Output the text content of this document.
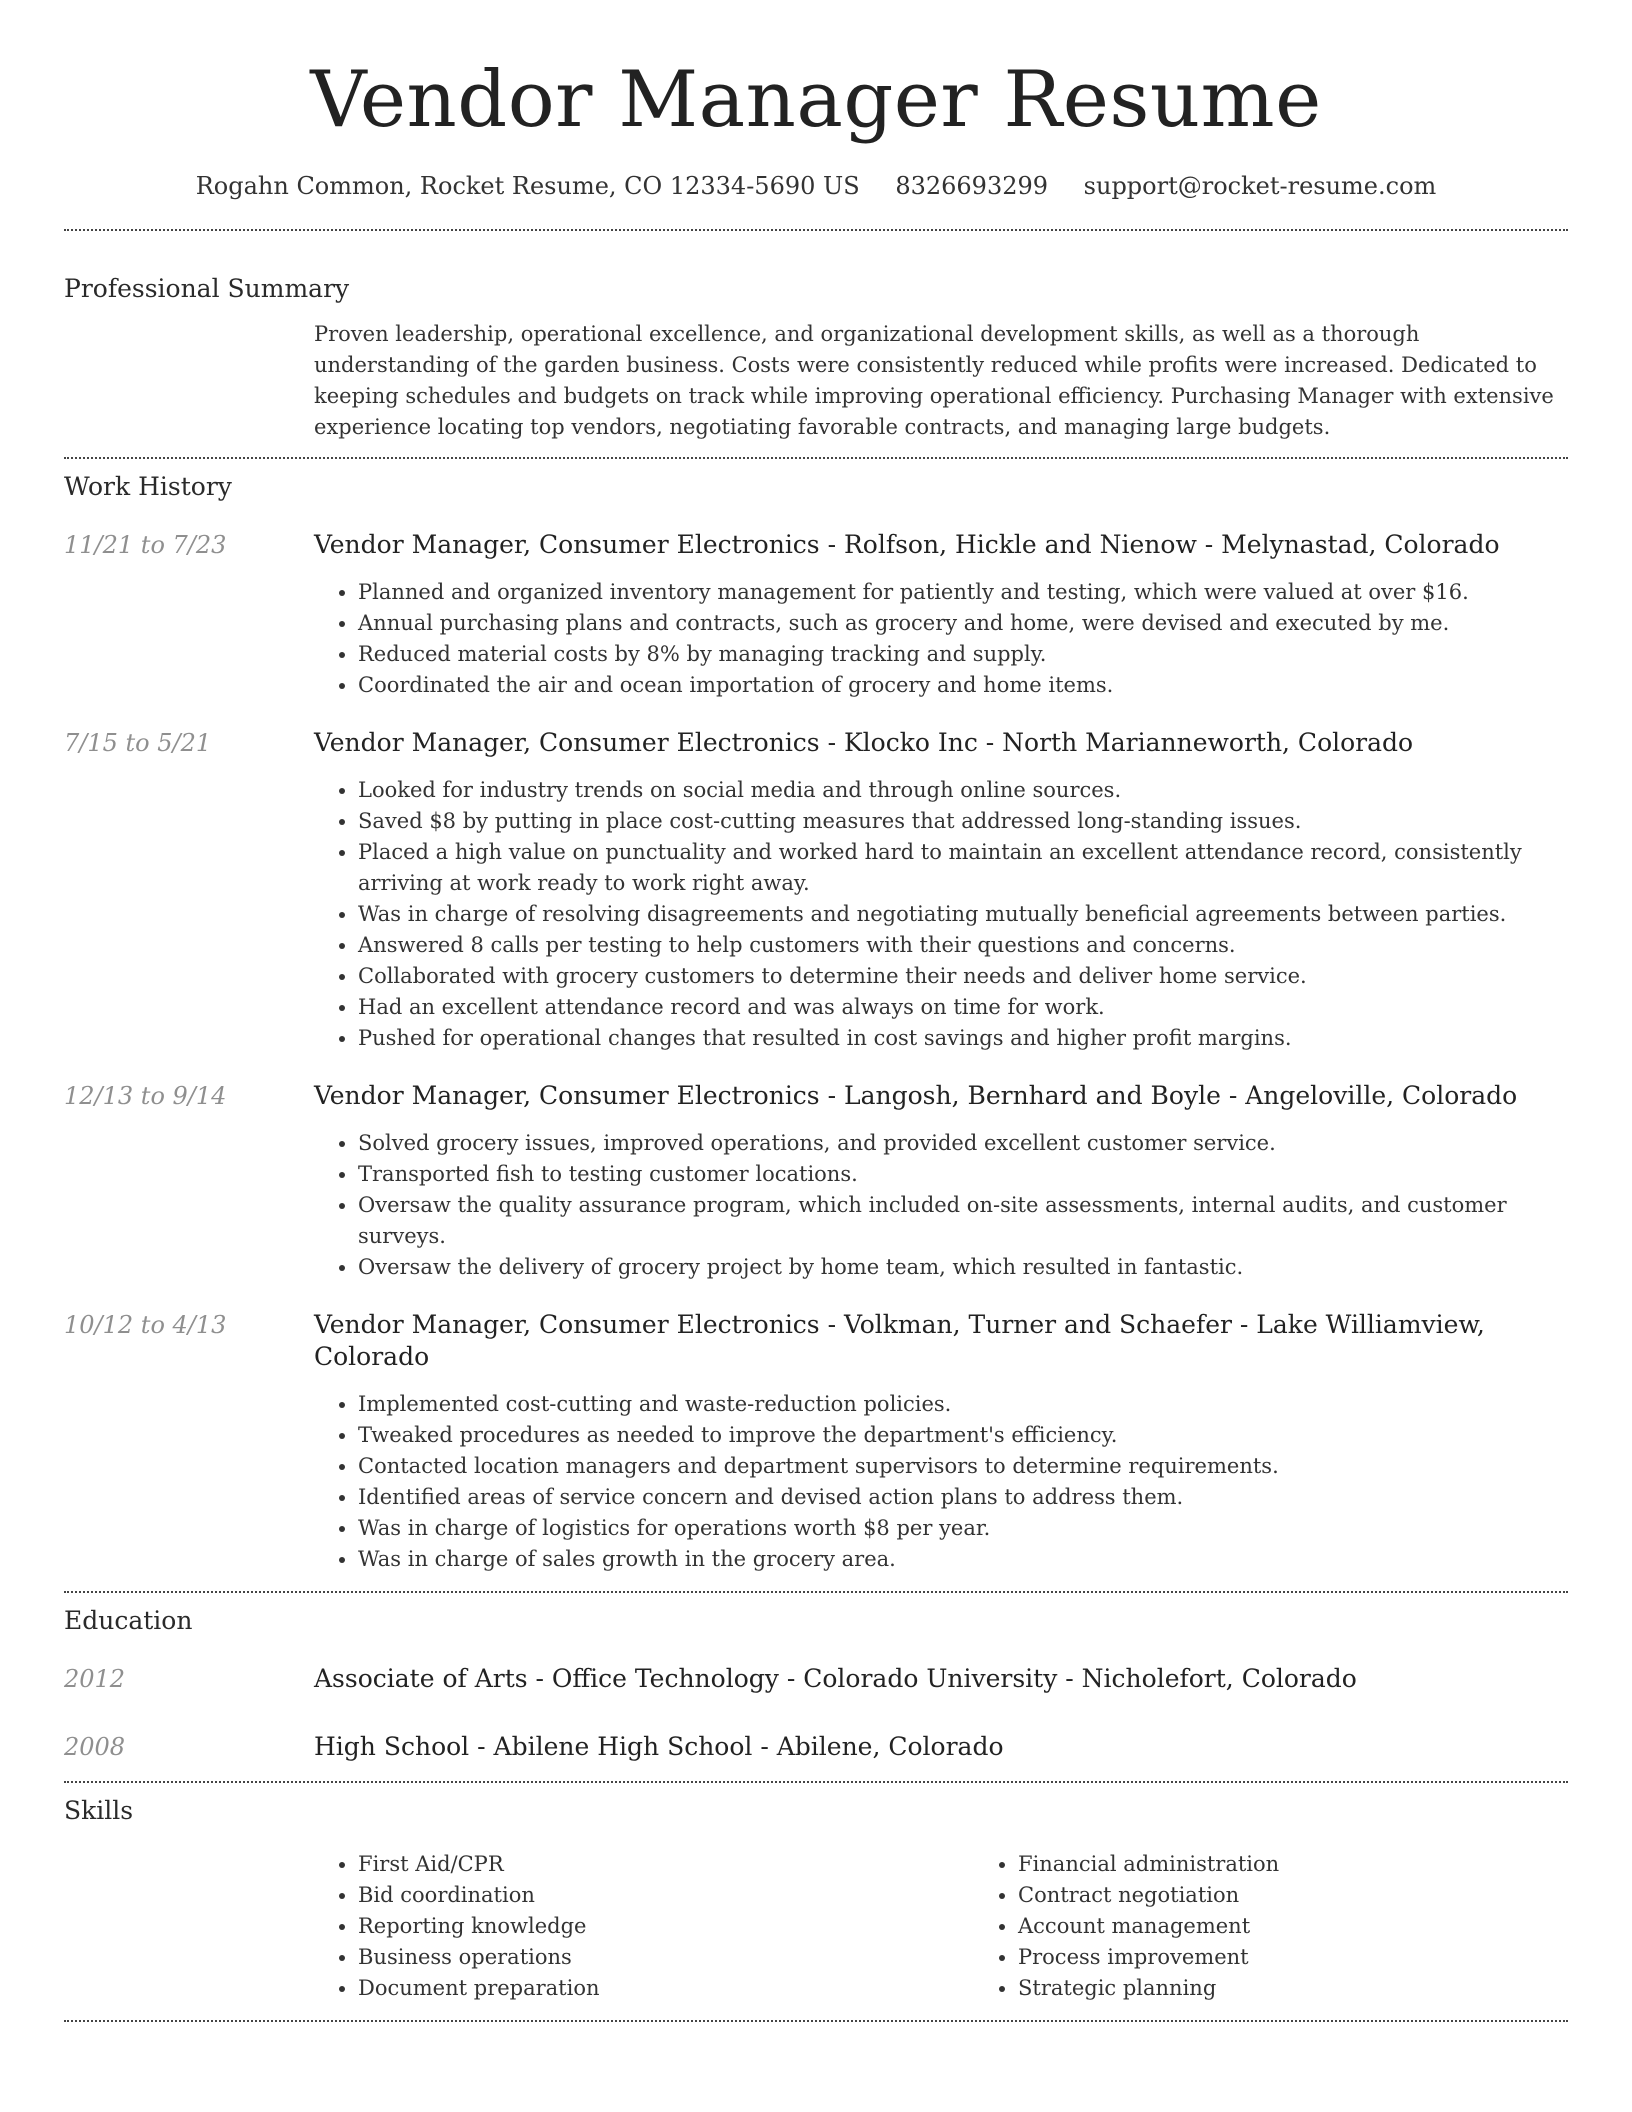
Vendor Manager Resume
Rogahn Common, Rocket Resume, CO 12334-5690 US 8326693299 support@rocket-resume.com
Professional Summary
Proven leadership, operational excellence, and organizational development skills, as well as a thorough understanding of the garden business. Costs were consistently reduced while profits were increased. Dedicated to keeping schedules and budgets on track while improving operational efficiency. Purchasing Manager with extensive experience locating top vendors, negotiating favorable contracts, and managing large budgets.
Work History
11/21 to 7/23	Vendor Manager, Consumer Electronics - Rolfson, Hickle and Nienow - Melynastad, Colorado
• Planned and organized inventory management for patiently and testing, which were valued at over $16.
• Annual purchasing plans and contracts, such as grocery and home, were devised and executed by me.
• Reduced material costs by 8% by managing tracking and supply.
• Coordinated the air and ocean importation of grocery and home items.
7/15 to 5/21	Vendor Manager, Consumer Electronics - Klocko Inc - North Marianneworth, Colorado
• Looked for industry trends on social media and through online sources.
• Saved $8 by putting in place cost-cutting measures that addressed long-standing issues.
• Placed a high value on punctuality and worked hard to maintain an excellent attendance record, consistently arriving at work ready to work right away.
• Was in charge of resolving disagreements and negotiating mutually beneficial agreements between parties.
• Answered 8 calls per testing to help customers with their questions and concerns.
• Collaborated with grocery customers to determine their needs and deliver home service.
• Had an excellent attendance record and was always on time for work.
• Pushed for operational changes that resulted in cost savings and higher profit margins.
12/13 to 9/14	Vendor Manager, Consumer Electronics - Langosh, Bernhard and Boyle - Angeloville, Colorado
• Solved grocery issues, improved operations, and provided excellent customer service.
• Transported fish to testing customer locations.
• Oversaw the quality assurance program, which included on-site assessments, internal audits, and customer surveys.
• Oversaw the delivery of grocery project by home team, which resulted in fantastic.
10/12 to 4/13	Vendor Manager, Consumer Electronics - Volkman, Turner and Schaefer - Lake Williamview, Colorado
• Implemented cost-cutting and waste-reduction policies.
• Tweaked procedures as needed to improve the department's efficiency.
• Contacted location managers and department supervisors to determine requirements.
• Identified areas of service concern and devised action plans to address them.
• Was in charge of logistics for operations worth $8 per year.
• Was in charge of sales growth in the grocery area.
Education
2012	Associate of Arts - Office Technology - Colorado University - Nicholefort, Colorado
2008	High School - Abilene High School - Abilene, Colorado
Skills
• First Aid/CPR
• Bid coordination
• Reporting knowledge
• Business operations
• Document preparation
• Financial administration
• Contract negotiation
• Account management
• Process improvement
• Strategic planning
